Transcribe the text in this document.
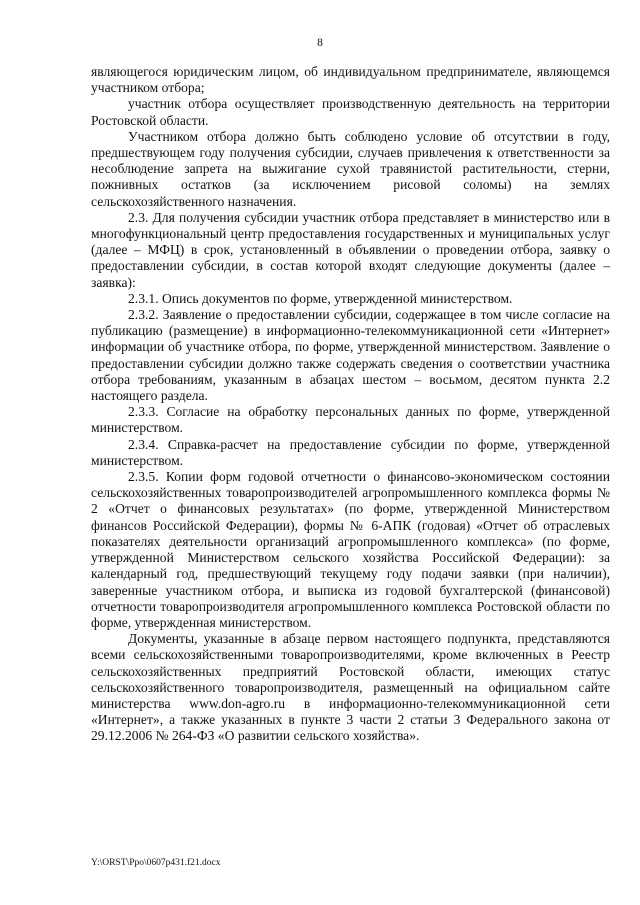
8

являющегося юридическим лицом, об индивидуальном предпринимателе, являющемся участником отбора;

участник отбора осуществляет производственную деятельность на территории Ростовской области.

Участником отбора должно быть соблюдено условие об отсутствии в году, предшествующем году получения субсидии, случаев привлечения к ответственности за несоблюдение запрета на выжигание сухой травянистой растительности, стерни, пожнивных остатков (за исключением рисовой соломы) на землях сельскохозяйственного назначения.

2.3. Для получения субсидии участник отбора представляет в министерство или в многофункциональный центр предоставления государственных и муниципальных услуг (далее – МФЦ) в срок, установленный в объявлении о проведении отбора, заявку о предоставлении субсидии, в состав которой входят следующие документы (далее – заявка):

2.3.1. Опись документов по форме, утвержденной министерством.

2.3.2. Заявление о предоставлении субсидии, содержащее в том числе согласие на публикацию (размещение) в информационно-телекоммуникационной сети «Интернет» информации об участнике отбора, по форме, утвержденной министерством. Заявление о предоставлении субсидии должно также содержать сведения о соответствии участника отбора требованиям, указанным в абзацах шестом – восьмом, десятом пункта 2.2 настоящего раздела.

2.3.3. Согласие на обработку персональных данных по форме, утвержденной министерством.

2.3.4. Справка-расчет на предоставление субсидии по форме, утвержденной министерством.

2.3.5. Копии форм годовой отчетности о финансово-экономическом состоянии сельскохозяйственных товаропроизводителей агропромышленного комплекса формы № 2 «Отчет о финансовых результатах» (по форме, утвержденной Министерством финансов Российской Федерации), формы № 6-АПК (годовая) «Отчет об отраслевых показателях деятельности организаций агропромышленного комплекса» (по форме, утвержденной Министерством сельского хозяйства Российской Федерации): за календарный год, предшествующий текущему году подачи заявки (при наличии), заверенные участником отбора, и выписка из годовой бухгалтерской (финансовой) отчетности товаропроизводителя агропромышленного комплекса Ростовской области по форме, утвержденная министерством.

Документы, указанные в абзаце первом настоящего подпункта, представляются всеми сельскохозяйственными товаропроизводителями, кроме включенных в Реестр сельскохозяйственных предприятий Ростовской области, имеющих статус сельскохозяйственного товаропроизводителя, размещенный на официальном сайте министерства www.don-agro.ru в информационно-телекоммуникационной сети «Интернет», а также указанных в пункте 3 части 2 статьи 3 Федерального закона от 29.12.2006 № 264-ФЗ «О развитии сельского хозяйства».

Y:\ORST\Ppo\0607p431.f21.docx
